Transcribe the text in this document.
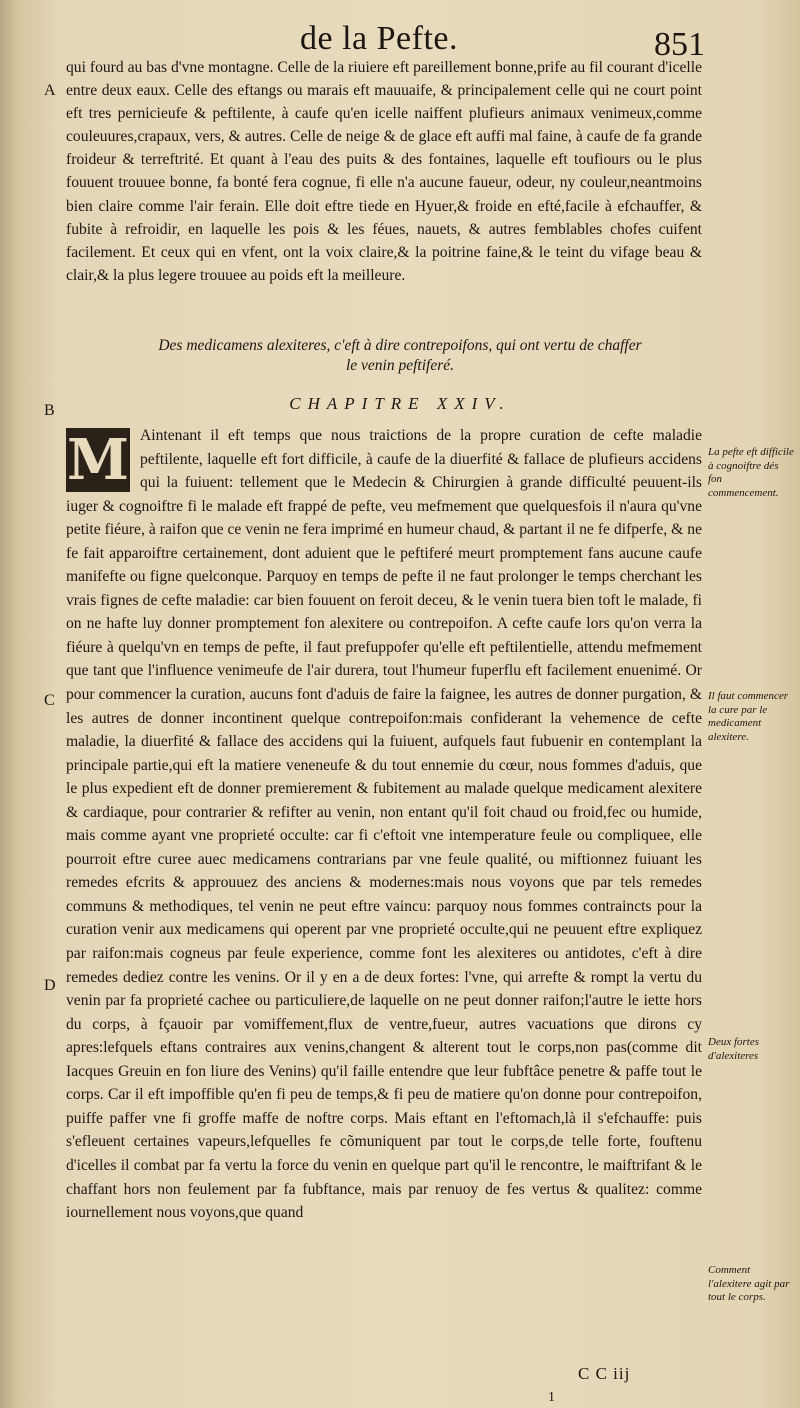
de la Pefte.	851
A
B
C
D

qui fourd au bas d'vne montagne. Celle de la riuiere eft pareillement bonne,prife au fil courant d'icelle entre deux eaux. Celle des eftangs ou marais eft mauuaife, & principalement celle qui ne court point eft tres pernicieufe & peftilente, à caufe qu'en icelle naiffent plufieurs animaux venimeux,comme couleuures,crapaux, vers, & autres. Celle de neige & de glace eft auffi mal faine, à caufe de fa grande froideur & terreftrité. Et quant à l'eau des puits & des fontaines, laquelle eft toufiours ou le plus fouuent trouuee bonne, fa bonté fera cognue, fi elle n'a aucune faueur, odeur, ny couleur,neantmoins bien claire comme l'air ferain. Elle doit eftre tiede en Hyuer,& froide en efté,facile à efchauffer, & fubite à refroidir, en laquelle les pois & les féues, nauets, & autres femblables chofes cuifent facilement. Et ceux qui en vfent, ont la voix claire,& la poitrine faine,& le teint du vifage beau & clair,& la plus legere trouuee au poids eft la meilleure.

Des medicamens alexiteres, c'eft à dire contrepoifons, qui ont vertu de chaffer
le venin peftiferé.
CHAPITRE XXIV.
M Aintenant il eft temps que nous traictions de la propre curation de cefte maladie peftilente, laquelle eft fort difficile, à caufe de la diuerfité & fallace de plufieurs accidens qui la fuiuent: tellement que le Medecin & Chirurgien à grande difficulté peuuent-ils iuger & cognoiftre fi le malade eft frappé de pefte, veu mefmement que quelquesfois il n'aura qu'vne petite fiéure, à raifon que ce venin ne fera imprimé en humeur chaud, & partant il ne fe difperfe, & ne fe fait apparoiftre certainement, dont aduient que le peftiferé meurt promptement fans aucune caufe manifefte ou figne quelconque. Parquoy en temps de pefte il ne faut prolonger le temps cherchant les vrais fignes de cefte maladie: car bien fouuent on feroit deceu, & le venin tuera bien toft le malade, fi on ne hafte luy donner promptement fon alexitere ou contrepoifon. A cefte caufe lors qu'on verra la fiéure à quelqu'vn en temps de pefte, il faut prefuppofer qu'elle eft peftilentielle, attendu mefmement que tant que l'influence venimeufe de l'air durera, tout l'humeur fuperflu eft facilement enuenimé. Or pour commencer la curation, aucuns font d'aduis de faire la faignee, les autres de donner purgation, & les autres de donner incontinent quelque contrepoifon:mais confiderant la vehemence de cefte maladie, la diuerfité & fallace des accidens qui la fuiuent, aufquels faut fubuenir en contemplant la principale partie,qui eft la matiere veneneufe & du tout ennemie du cœur, nous fommes d'aduis, que le plus expedient eft de donner premierement & fubitement au malade quelque medicament alexitere & cardiaque, pour contrarier & refifter au venin, non entant qu'il foit chaud ou froid,fec ou humide, mais comme ayant vne proprieté occulte: car fi c'eftoit vne intemperature feule ou compliquee, elle pourroit eftre curee auec medicamens contrarians par vne feule qualité, ou miftionnez fuiuant les remedes efcrits & approuuez des anciens & modernes:mais nous voyons que par tels remedes communs & methodiques, tel venin ne peut eftre vaincu: parquoy nous fommes contraincts pour la curation venir aux medicamens qui operent par vne proprieté occulte,qui ne peuuent eftre expliquez par raifon:mais cogneus par feule experience, comme font les alexiteres ou antidotes, c'eft à dire remedes dediez contre les venins. Or il y en a de deux fortes: l'vne, qui arrefte & rompt la vertu du venin par fa proprieté cachee ou particuliere,de laquelle on ne peut donner raifon;l'autre le iette hors du corps, à fçauoir par vomiffement,flux de ventre,fueur, autres vacuations que dirons cy apres:lefquels eftans contraires aux venins,changent & alterent tout le corps,non pas(comme dit Iacques Greuin en fon liure des Venins) qu'il faille entendre que leur fubftâce penetre & paffe tout le corps. Car il eft impoffible qu'en fi peu de temps,& fi peu de matiere qu'on donne pour contrepoifon, puiffe paffer vne fi groffe maffe de noftre corps. Mais eftant en l'eftomach,là il s'efchauffe: puis s'efleuent certaines vapeurs,lefquelles fe cõmuniquent par tout le corps,de telle forte, fouftenu d'icelles il combat par fa vertu la force du venin en quelque part qu'il le rencontre, le maiftrifant & le chaffant hors non feulement par fa fubftance, mais par renuoy de fes vertus & qualitez: comme iournellement nous voyons,que quand

La pefte eft difficile à cognoiftre dés fon commencement.
Il faut commencer la cure par le medicament alexitere.
Deux fortes d'alexiteres
Comment l'alexitere agit par tout le corps.
C C iij
1
